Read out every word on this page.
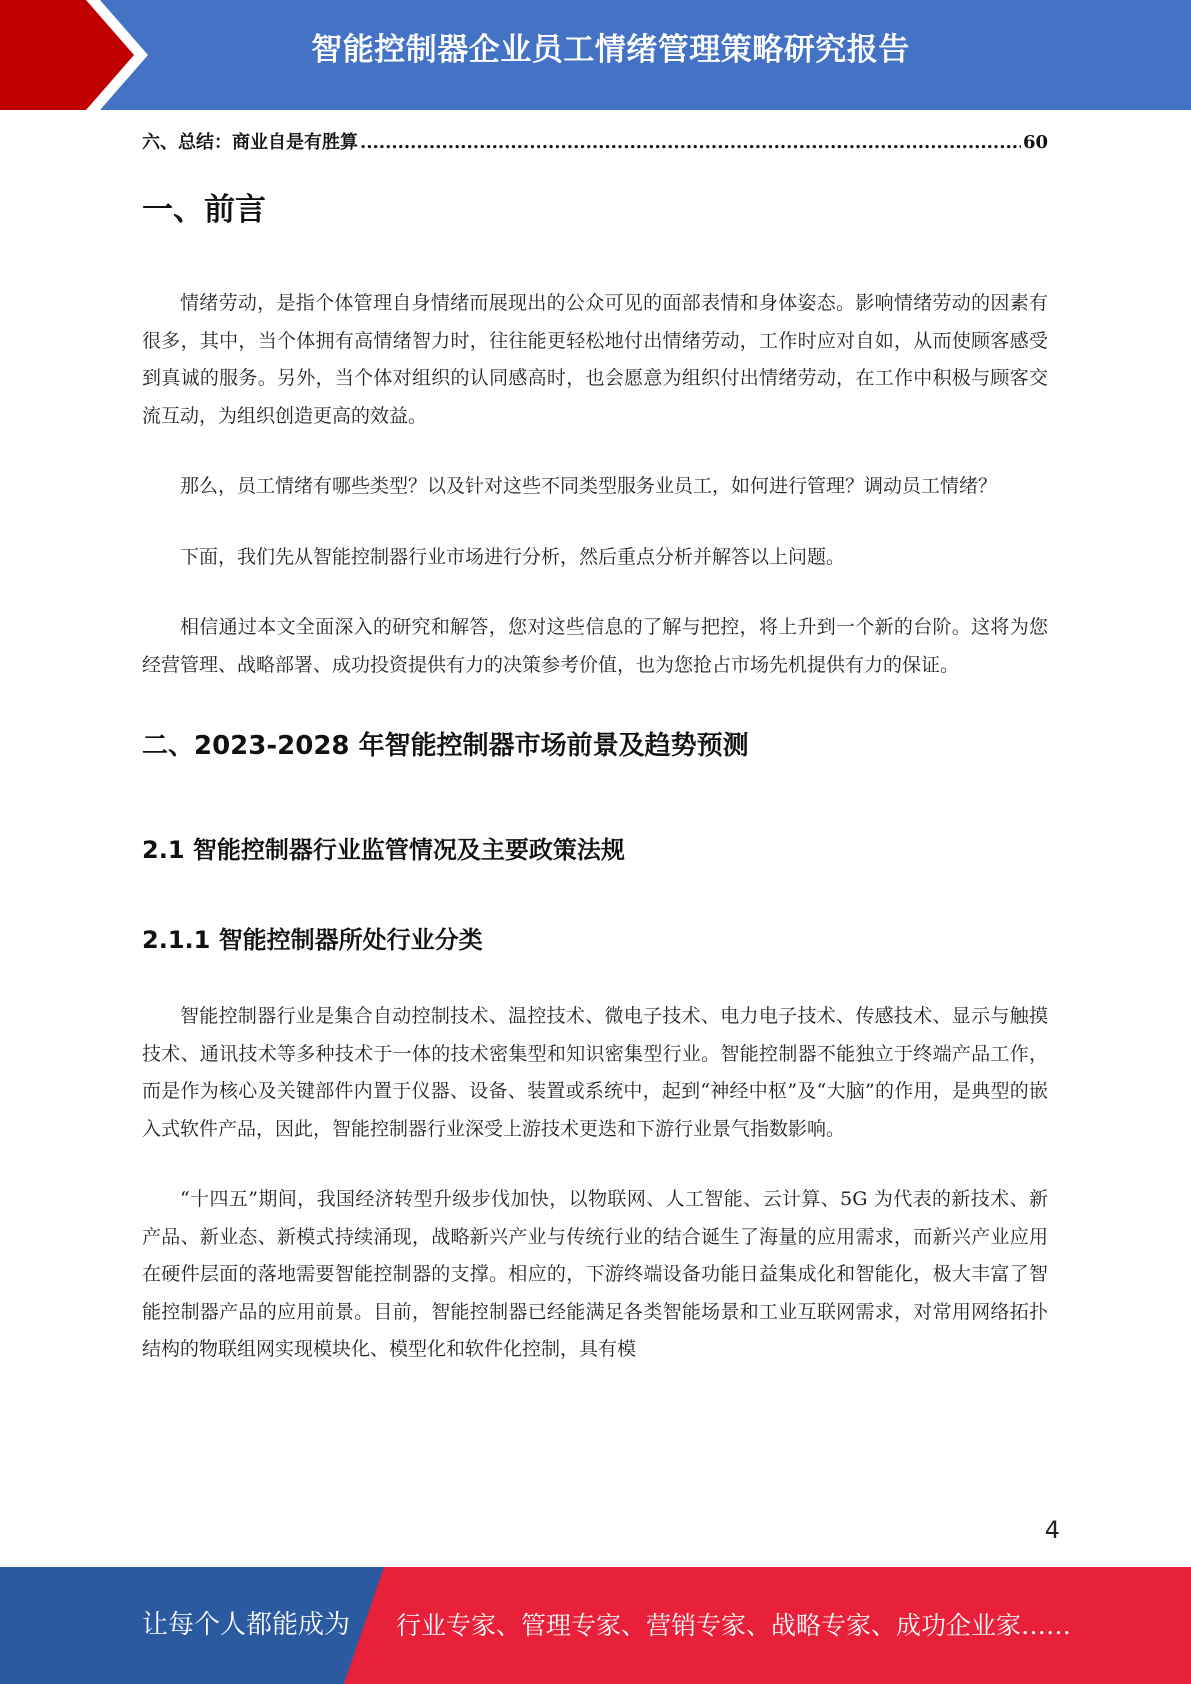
智能控制器企业员工情绪管理策略研究报告
六、总结：商业自是有胜算
.....	60
一、前言

情绪劳动，是指个体管理自身情绪而展现出的公众可见的面部表情和身体姿态。影响情绪劳动的因素有很多，其中，当个体拥有高情绪智力时，往往能更轻松地付出情绪劳动，工作时应对自如，从而使顾客感受到真诚的服务。另外，当个体对组织的认同感高时，也会愿意为组织付出情绪劳动，在工作中积极与顾客交流互动，为组织创造更高的效益。

那么，员工情绪有哪些类型？以及针对这些不同类型服务业员工，如何进行管理？调动员工情绪？

下面，我们先从智能控制器行业市场进行分析，然后重点分析并解答以上问题。

相信通过本文全面深入的研究和解答，您对这些信息的了解与把控，将上升到一个新的台阶。这将为您经营管理、战略部署、成功投资提供有力的决策参考价值，也为您抢占市场先机提供有力的保证。

二、2023-2028 年智能控制器市场前景及趋势预测
2.1 智能控制器行业监管情况及主要政策法规
2.1.1 智能控制器所处行业分类

智能控制器行业是集合自动控制技术、温控技术、微电子技术、电力电子技术、传感技术、显示与触摸技术、通讯技术等多种技术于一体的技术密集型和知识密集型行业。智能控制器不能独立于终端产品工作，而是作为核心及关键部件内置于仪器、设备、装置或系统中，起到“神经中枢”及“大脑”的作用，是典型的嵌入式软件产品，因此，智能控制器行业深受上游技术更迭和下游行业景气指数影响。

“十四五”期间，我国经济转型升级步伐加快，以物联网、人工智能、云计算、5G 为代表的新技术、新产品、新业态、新模式持续涌现，战略新兴产业与传统行业的结合诞生了海量的应用需求，而新兴产业应用在硬件层面的落地需要智能控制器的支撑。相应的，下游终端设备功能日益集成化和智能化，极大丰富了智能控制器产品的应用前景。目前，智能控制器已经能满足各类智能场景和工业互联网需求，对常用网络拓扑结构的物联组网实现模块化、模型化和软件化控制，具有模

4
让每个人都能成为 行业专家、管理专家、营销专家、战略专家、成功企业家……
